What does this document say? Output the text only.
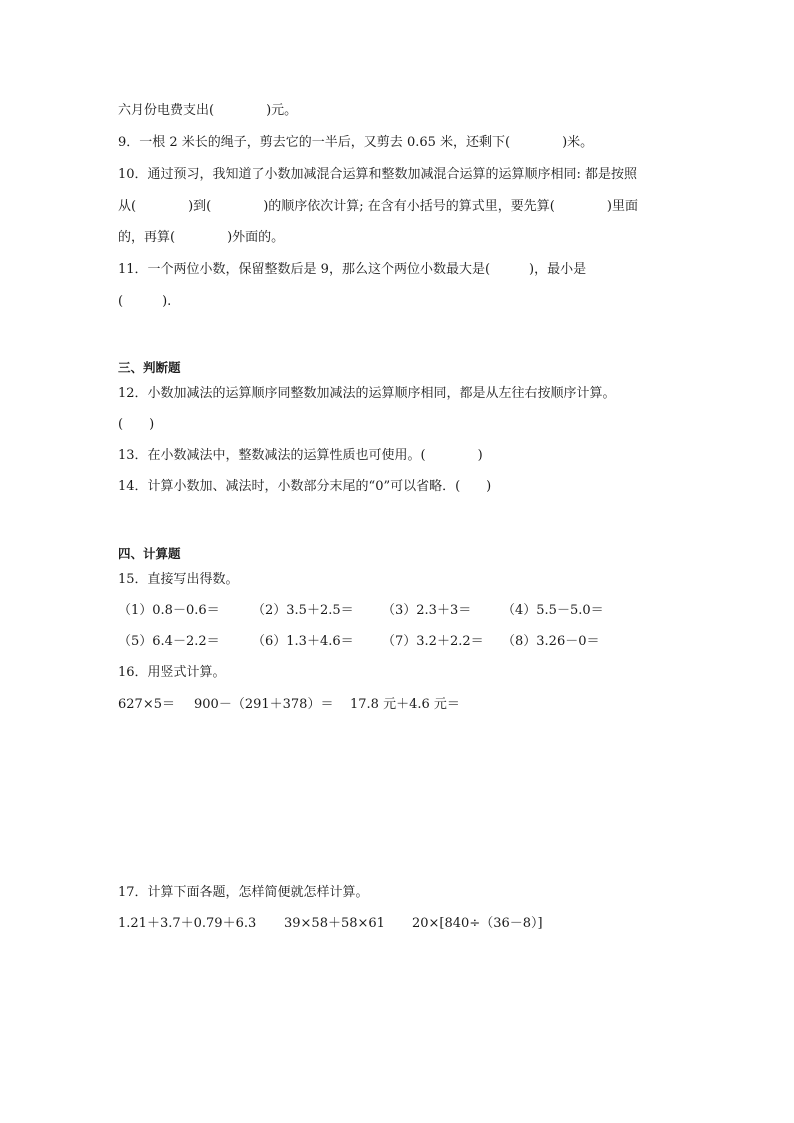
六月份电费支出(　　　　)元。
9．一根 2 米长的绳子，剪去它的一半后，又剪去 0.65 米，还剩下(　　　　)米。
10．通过预习，我知道了小数加减混合运算和整数加减混合运算的运算顺序相同: 都是按照
从(　　　　)到(　　　　)的顺序依次计算; 在含有小括号的算式里，要先算(　　　　)里面
的，再算(　　　　)外面的。
11．一个两位小数，保留整数后是 9，那么这个两位小数最大是(　　　)，最小是
(　　　).
三、判断题
12．小数加减法的运算顺序同整数加减法的运算顺序相同，都是从左往右按顺序计算。
(　　)
13．在小数减法中，整数减法的运算性质也可使用。(　　　　)
14．计算小数加、减法时，小数部分末尾的“0”可以省略．(　　)
四、计算题
15．直接写出得数。
（1）0.8－0.6＝ （2）3.5＋2.5＝ （3）2.3＋3＝ （4）5.5－5.0＝
（5）6.4－2.2＝ （6）1.3＋4.6＝ （7）3.2＋2.2＝ （8）3.26－0＝
16．用竖式计算。
627×5＝ 900－（291＋378）＝ 17.8 元＋4.6 元＝
17．计算下面各题，怎样简便就怎样计算。
1.21＋3.7＋0.79＋6.3 39×58＋58×61 20×[840÷（36－8）]
